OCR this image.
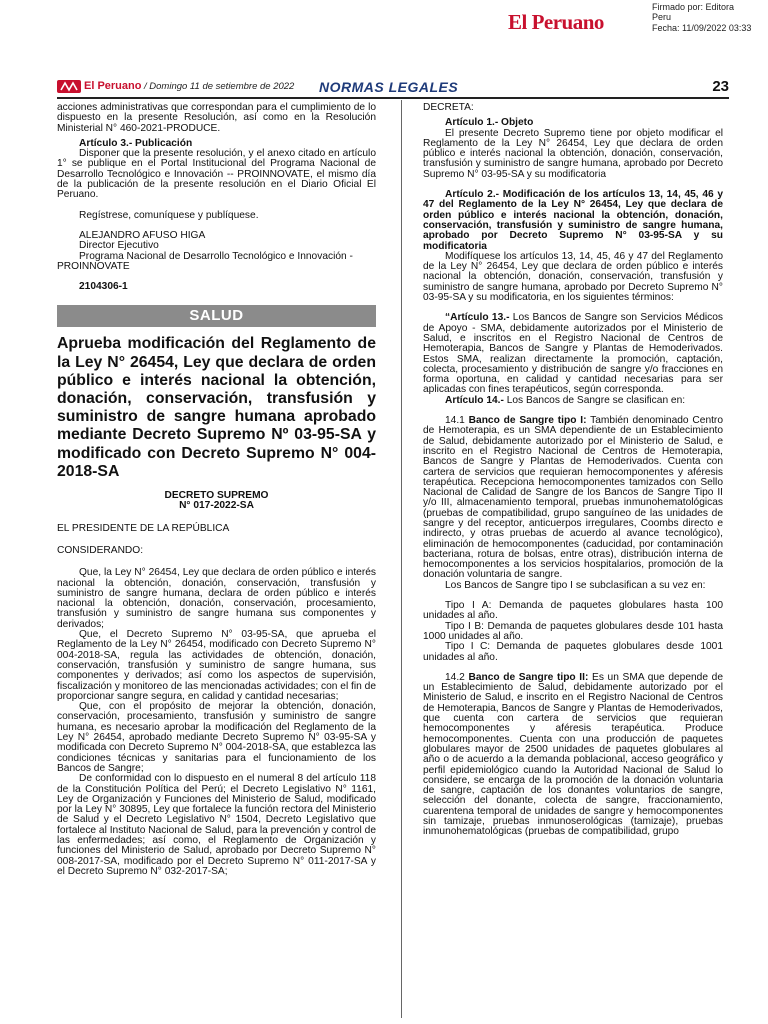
El Peruano
Firmado por: Editora
Peru
Fecha: 11/09/2022 03:33
El Peruano / Domingo 11 de setiembre de 2022 NORMAS LEGALES	23

acciones administrativas que correspondan para el cumplimiento de lo dispuesto en la presente Resolución, así como en la Resolución Ministerial N° 460-2021-PRODUCE.

Artículo 3.- Publicación

Disponer que la presente resolución, y el anexo citado en artículo 1° se publique en el Portal Institucional del Programa Nacional de Desarrollo Tecnológico e Innovación -- PROINNOVATE, el mismo día de la publicación de la presente resolución en el Diario Oficial El Peruano.

Regístrese, comuníquese y publíquese.

ALEJANDRO AFUSO HIGA

Director Ejecutivo

Programa Nacional de Desarrollo Tecnológico e Innovación - PROINNOVATE

2104306-1

SALUD
Aprueba modificación del Reglamento de la Ley N° 26454, Ley que declara de orden público e interés nacional la obtención, donación, conservación, transfusión y suministro de sangre humana aprobado mediante Decreto Supremo Nº 03-95-SA y modificado con Decreto Supremo N° 004-2018-SA

DECRETO SUPREMO

N° 017-2022-SA

EL PRESIDENTE DE LA REPÚBLICA

CONSIDERANDO:

Que, la Ley N° 26454, Ley que declara de orden público e interés nacional la obtención, donación, conservación, transfusión y suministro de sangre humana, declara de orden público e interés nacional la obtención, donación, conservación, procesamiento, transfusión y suministro de sangre humana sus componentes y derivados;

Que, el Decreto Supremo N° 03-95-SA, que aprueba el Reglamento de la Ley N° 26454, modificado con Decreto Supremo N° 004-2018-SA, regula las actividades de obtención, donación, conservación, transfusión y suministro de sangre humana, sus componentes y derivados; así como los aspectos de supervisión, fiscalización y monitoreo de las mencionadas actividades; con el fin de proporcionar sangre segura, en calidad y cantidad necesarias;

Que, con el propósito de mejorar la obtención, donación, conservación, procesamiento, transfusión y suministro de sangre humana, es necesario aprobar la modificación del Reglamento de la Ley N° 26454, aprobado mediante Decreto Supremo N° 03-95-SA y modificada con Decreto Supremo N° 004-2018-SA, que establezca las condiciones técnicas y sanitarias para el funcionamiento de los Bancos de Sangre;

De conformidad con lo dispuesto en el numeral 8 del artículo 118 de la Constitución Política del Perú; el Decreto Legislativo N° 1161, Ley de Organización y Funciones del Ministerio de Salud, modificado por la Ley N° 30895, Ley que fortalece la función rectora del Ministerio de Salud y el Decreto Legislativo N° 1504, Decreto Legislativo que fortalece al Instituto Nacional de Salud, para la prevención y control de las enfermedades; así como, el Reglamento de Organización y funciones del Ministerio de Salud, aprobado por Decreto Supremo N° 008-2017-SA, modificado por el Decreto Supremo N° 011-2017-SA y el Decreto Supremo N° 032-2017-SA;

DECRETA:

Artículo 1.- Objeto

El presente Decreto Supremo tiene por objeto modificar el Reglamento de la Ley N° 26454, Ley que declara de orden público e interés nacional la obtención, donación, conservación, transfusión y suministro de sangre humana, aprobado por Decreto Supremo N° 03-95-SA y su modificatoria

Artículo 2.- Modificación de los artículos 13, 14, 45, 46 y 47 del Reglamento de la Ley N° 26454, Ley que declara de orden público e interés nacional la obtención, donación, conservación, transfusión y suministro de sangre humana, aprobado por Decreto Supremo N° 03-95-SA y su modificatoria

Modifíquese los artículos 13, 14, 45, 46 y 47 del Reglamento de la Ley N° 26454, Ley que declara de orden público e interés nacional la obtención, donación, conservación, transfusión y suministro de sangre humana, aprobado por Decreto Supremo N° 03-95-SA y su modificatoria, en los siguientes términos:

“Artículo 13.- Los Bancos de Sangre son Servicios Médicos de Apoyo - SMA, debidamente autorizados por el Ministerio de Salud, e inscritos en el Registro Nacional de Centros de Hemoterapia, Bancos de Sangre y Plantas de Hemoderivados. Estos SMA, realizan directamente la promoción, captación, colecta, procesamiento y distribución de sangre y/o fracciones en forma oportuna, en calidad y cantidad necesarias para ser aplicadas con fines terapéuticos, según corresponda.

Artículo 14.- Los Bancos de Sangre se clasifican en:

14.1 Banco de Sangre tipo I: También denominado Centro de Hemoterapia, es un SMA dependiente de un Establecimiento de Salud, debidamente autorizado por el Ministerio de Salud, e inscrito en el Registro Nacional de Centros de Hemoterapia, Bancos de Sangre y Plantas de Hemoderivados. Cuenta con cartera de servicios que requieran hemocomponentes y aféresis terapéutica. Recepciona hemocomponentes tamizados con Sello Nacional de Calidad de Sangre de los Bancos de Sangre Tipo II y/o III, almacenamiento temporal, pruebas inmunohematológicas (pruebas de compatibilidad, grupo sanguíneo de las unidades de sangre y del receptor, anticuerpos irregulares, Coombs directo e indirecto, y otras pruebas de acuerdo al avance tecnológico), eliminación de hemocomponentes (caducidad, por contaminación bacteriana, rotura de bolsas, entre otras), distribución interna de hemocomponentes a los servicios hospitalarios, promoción de la donación voluntaria de sangre.

Los Bancos de Sangre tipo I se subclasifican a su vez en:

Tipo I A: Demanda de paquetes globulares hasta 100 unidades al año.

Tipo I B: Demanda de paquetes globulares desde 101 hasta 1000 unidades al año.

Tipo I C: Demanda de paquetes globulares desde 1001 unidades al año.

14.2 Banco de Sangre tipo II: Es un SMA que depende de un Establecimiento de Salud, debidamente autorizado por el Ministerio de Salud, e inscrito en el Registro Nacional de Centros de Hemoterapia, Bancos de Sangre y Plantas de Hemoderivados, que cuenta con cartera de servicios que requieran hemocomponentes y aféresis terapéutica. Produce hemocomponentes. Cuenta con una producción de paquetes globulares mayor de 2500 unidades de paquetes globulares al año o de acuerdo a la demanda poblacional, acceso geográfico y perfil epidemiológico cuando la Autoridad Nacional de Salud lo considere, se encarga de la promoción de la donación voluntaria de sangre, captación de los donantes voluntarios de sangre, selección del donante, colecta de sangre, fraccionamiento, cuarentena temporal de unidades de sangre y hemocomponentes sin tamizaje, pruebas inmunoserológicas (tamizaje), pruebas inmunohematológicas (pruebas de compatibilidad, grupo
